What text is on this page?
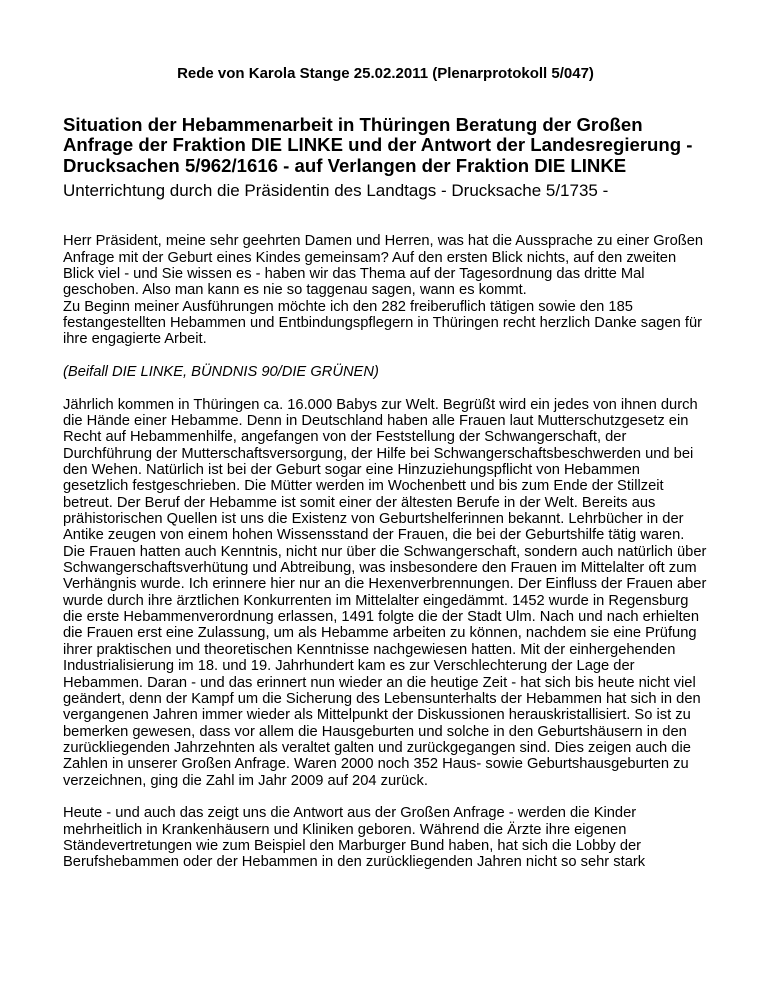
Rede von Karola Stange 25.02.2011 (Plenarprotokoll 5/047)
Situation der Hebammenarbeit in Thüringen Beratung der Großen
Anfrage der Fraktion DIE LINKE und der Antwort der Landesregierung -
Drucksachen 5/962/1616 - auf Verlangen der Fraktion DIE LINKE
Unterrichtung durch die Präsidentin des Landtags - Drucksache 5/1735 -

Herr Präsident, meine sehr geehrten Damen und Herren, was hat die Aussprache zu einer Großen Anfrage mit der Geburt eines Kindes gemeinsam? Auf den ersten Blick nichts, auf den zweiten Blick viel - und Sie wissen es - haben wir das Thema auf der Tagesordnung das dritte Mal geschoben. Also man kann es nie so taggenau sagen, wann es kommt.
Zu Beginn meiner Ausführungen möchte ich den 282 freiberuflich tätigen sowie den 185 festangestellten Hebammen und Entbindungspflegern in Thüringen recht herzlich Danke sagen für ihre engagierte Arbeit.

(Beifall DIE LINKE, BÜNDNIS 90/DIE GRÜNEN)

Jährlich kommen in Thüringen ca. 16.000 Babys zur Welt. Begrüßt wird ein jedes von ihnen durch die Hände einer Hebamme. Denn in Deutschland haben alle Frauen laut Mutterschutzgesetz ein Recht auf Hebammenhilfe, angefangen von der Feststellung der Schwangerschaft, der Durchführung der Mutterschaftsversorgung, der Hilfe bei Schwangerschaftsbeschwerden und bei den Wehen. Natürlich ist bei der Geburt sogar eine Hinzuziehungspflicht von Hebammen gesetzlich festgeschrieben. Die Mütter werden im Wochenbett und bis zum Ende der Stillzeit betreut. Der Beruf der Hebamme ist somit einer der ältesten Berufe in der Welt. Bereits aus prähistorischen Quellen ist uns die Existenz von Geburtshelferinnen bekannt. Lehrbücher in der Antike zeugen von einem hohen Wissensstand der Frauen, die bei der Geburtshilfe tätig waren. Die Frauen hatten auch Kenntnis, nicht nur über die Schwangerschaft, sondern auch natürlich über Schwangerschaftsverhütung und Abtreibung, was insbesondere den Frauen im Mittelalter oft zum Verhängnis wurde. Ich erinnere hier nur an die Hexenverbrennungen. Der Einfluss der Frauen aber wurde durch ihre ärztlichen Konkurrenten im Mittelalter eingedämmt. 1452 wurde in Regensburg die erste Hebammenverordnung erlassen, 1491 folgte die der Stadt Ulm. Nach und nach erhielten die Frauen erst eine Zulassung, um als Hebamme arbeiten zu können, nachdem sie eine Prüfung ihrer praktischen und theoretischen Kenntnisse nachgewiesen hatten. Mit der einhergehenden Industrialisierung im 18. und 19. Jahrhundert kam es zur Verschlechterung der Lage der Hebammen. Daran - und das erinnert nun wieder an die heutige Zeit - hat sich bis heute nicht viel geändert, denn der Kampf um die Sicherung des Lebensunterhalts der Hebammen hat sich in den vergangenen Jahren immer wieder als Mittelpunkt der Diskussionen herauskristallisiert. So ist zu bemerken gewesen, dass vor allem die Hausgeburten und solche in den Geburtshäusern in den zurückliegenden Jahrzehnten als veraltet galten und zurückgegangen sind. Dies zeigen auch die Zahlen in unserer Großen Anfrage. Waren 2000 noch 352 Haus- sowie Geburtshausgeburten zu verzeichnen, ging die Zahl im Jahr 2009 auf 204 zurück.

Heute - und auch das zeigt uns die Antwort aus der Großen Anfrage - werden die Kinder mehrheitlich in Krankenhäusern und Kliniken geboren. Während die Ärzte ihre eigenen Ständevertretungen wie zum Beispiel den Marburger Bund haben, hat sich die Lobby der Berufshebammen oder der Hebammen in den zurückliegenden Jahren nicht so sehr stark
